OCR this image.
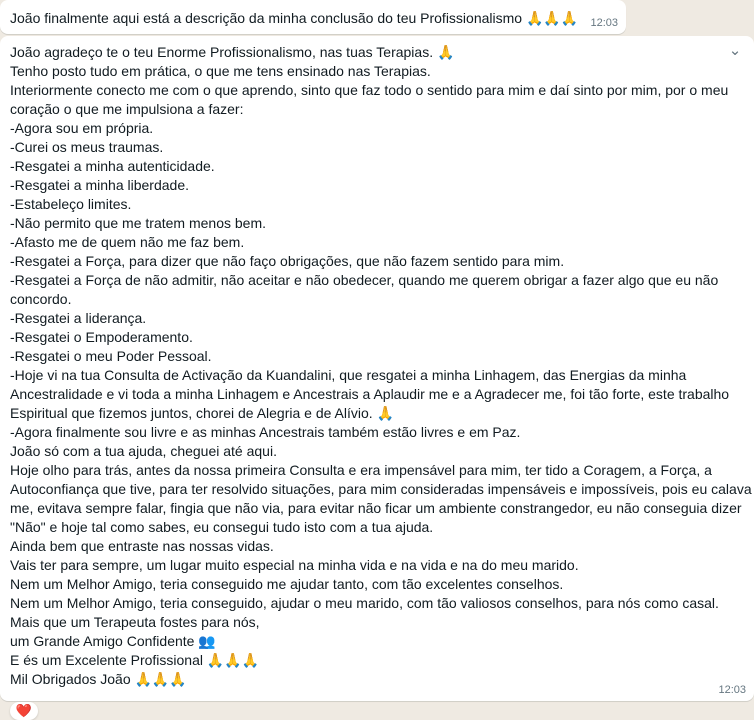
João finalmente aqui está a descrição da minha conclusão do teu Profissionalismo 🙏🙏🙏 12:03
⌄
João agradeço te o teu Enorme Profissionalismo, nas tuas Terapias. 🙏
Tenho posto tudo em prática, o que me tens ensinado nas Terapias.
Interiormente conecto me com o que aprendo, sinto que faz todo o sentido para mim e daí sinto por mim, por o meu
coração o que me impulsiona a fazer:
-Agora sou em própria.
-Curei os meus traumas.
-Resgatei a minha autenticidade.
-Resgatei a minha liberdade.
-Estabeleço limites.
-Não permito que me tratem menos bem.
-Afasto me de quem não me faz bem.
-Resgatei a Força, para dizer que não faço obrigações, que não fazem sentido para mim.
-Resgatei a Força de não admitir, não aceitar e não obedecer, quando me querem obrigar a fazer algo que eu não
concordo.
-Resgatei a liderança.
-Resgatei o Empoderamento.
-Resgatei o meu Poder Pessoal.
-Hoje vi na tua Consulta de Activação da Kuandalini, que resgatei a minha Linhagem, das Energias da minha
Ancestralidade e vi toda a minha Linhagem e Ancestrais a Aplaudir me e a Agradecer me, foi tão forte, este trabalho
Espiritual que fizemos juntos, chorei de Alegria e de Alívio. 🙏
-Agora finalmente sou livre e as minhas Ancestrais também estão livres e em Paz.
João só com a tua ajuda, cheguei até aqui.
Hoje olho para trás, antes da nossa primeira Consulta e era impensável para mim, ter tido a Coragem, a Força, a
Autoconfiança que tive, para ter resolvido situações, para mim consideradas impensáveis e impossíveis, pois eu calava
me, evitava sempre falar, fingia que não via, para evitar não ficar um ambiente constrangedor, eu não conseguia dizer
"Não" e hoje tal como sabes, eu consegui tudo isto com a tua ajuda.
Ainda bem que entraste nas nossas vidas.
Vais ter para sempre, um lugar muito especial na minha vida e na vida e na do meu marido.
Nem um Melhor Amigo, teria conseguido me ajudar tanto, com tão excelentes conselhos.
Nem um Melhor Amigo, teria conseguido, ajudar o meu marido, com tão valiosos conselhos, para nós como casal.
Mais que um Terapeuta fostes para nós,
um Grande Amigo Confidente 👥
E és um Excelente Profissional 🙏🙏🙏
Mil Obrigados João 🙏🙏🙏
12:03
❤️
